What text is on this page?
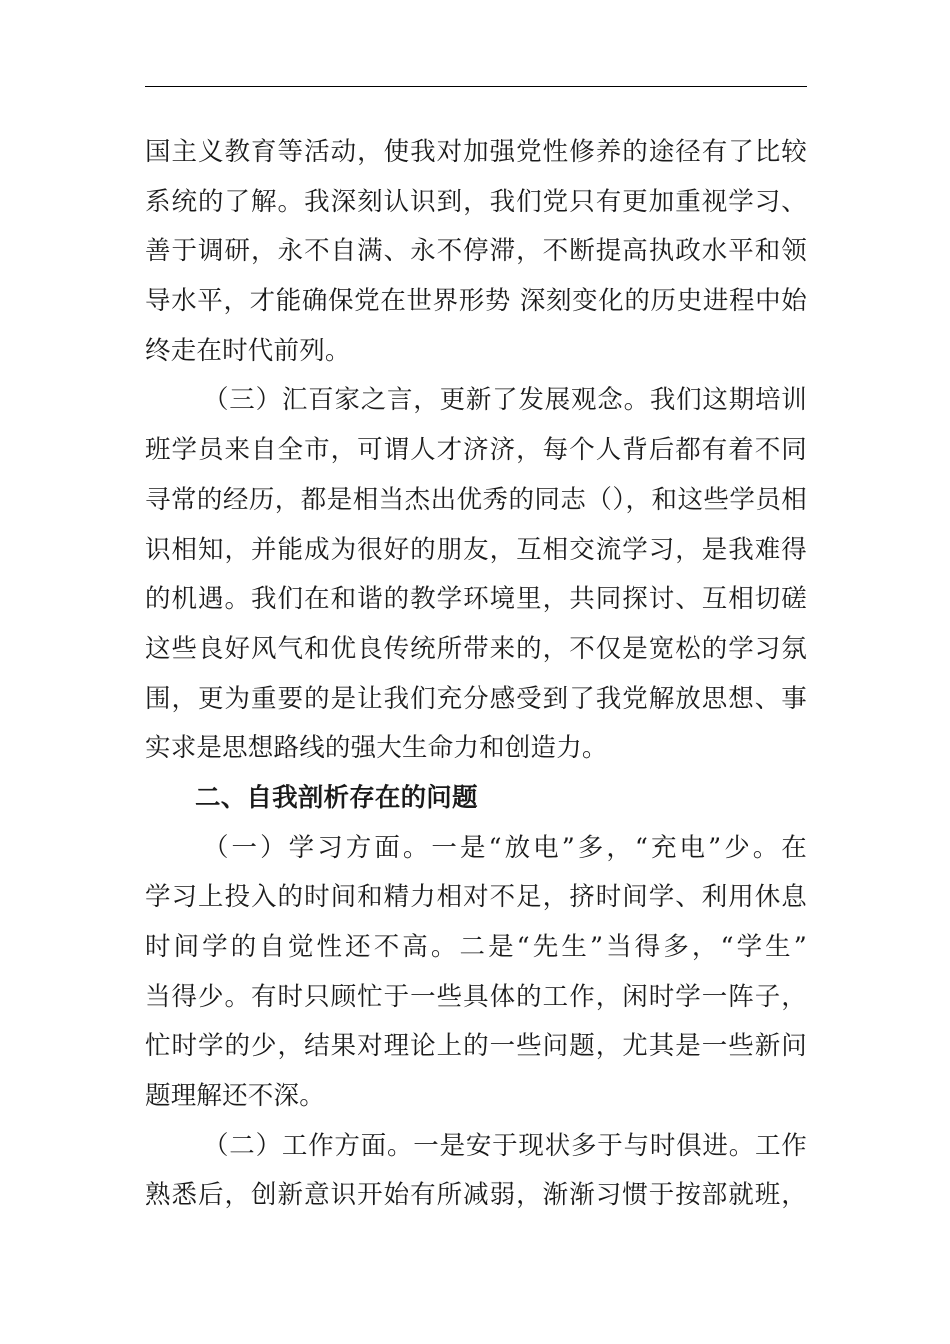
国主义教育等活动，使我对加强党性修养的途径有了比较
系统的了解。我深刻认识到，我们党只有更加重视学习、
善于调研，永不自满、永不停滞，不断提高执政水平和领
导水平，才能确保党在世界形势 深刻变化的历史进程中始
终走在时代前列。
（三）汇百家之言，更新了发展观念。我们这期培训
班学员来自全市，可谓人才济济，每个人背后都有着不同
寻常的经历，都是相当杰出优秀的同志（），和这些学员相
识相知，并能成为很好的朋友，互相交流学习，是我难得
的机遇。我们在和谐的教学环境里，共同探讨、互相切磋
这些良好风气和优良传统所带来的，不仅是宽松的学习氛
围，更为重要的是让我们充分感受到了我党解放思想、事
实求是思想路线的强大生命力和创造力。
二、自我剖析存在的问题
（一）学习方面。一是“放电”多，“充电”少。在
学习上投入的时间和精力相对不足，挤时间学、利用休息
时间学的自觉性还不高。二是“先生”当得多，“学生”
当得少。有时只顾忙于一些具体的工作，闲时学一阵子，
忙时学的少，结果对理论上的一些问题，尤其是一些新问
题理解还不深。
（二）工作方面。一是安于现状多于与时俱进。工作
熟悉后，创新意识开始有所减弱，渐渐习惯于按部就班，
